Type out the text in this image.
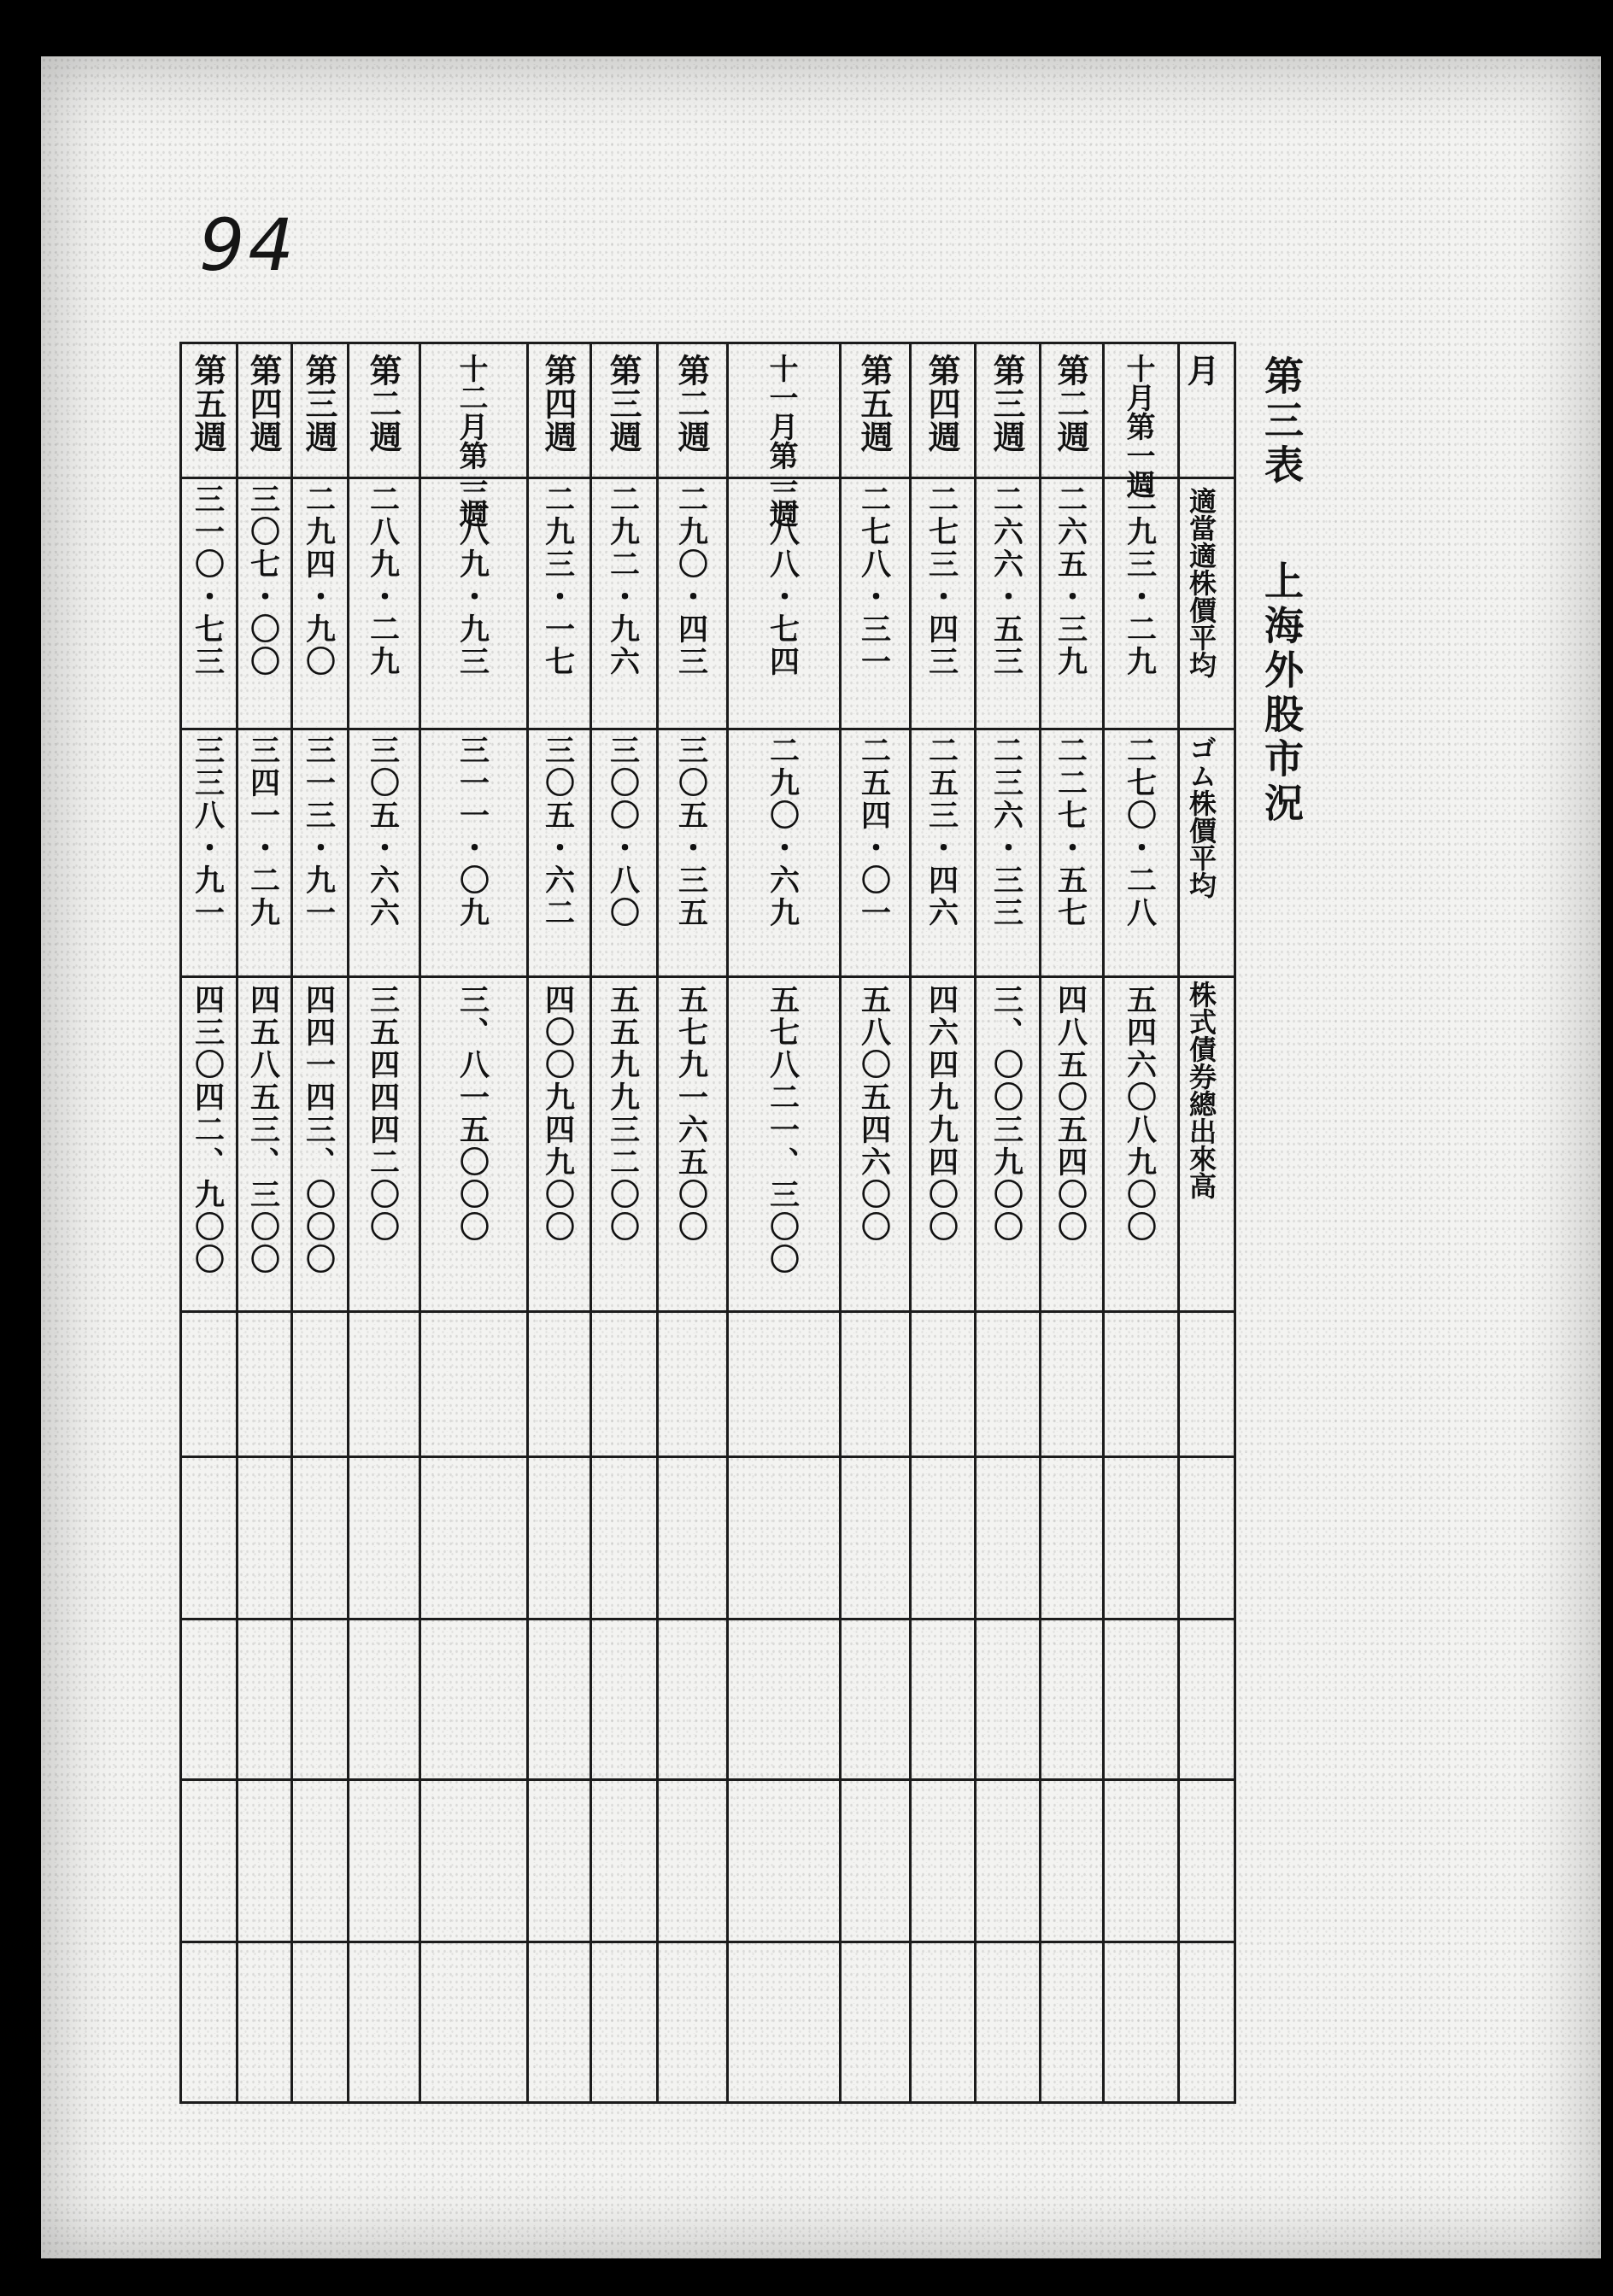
94
第三表上海外股市況
月
適當適株價平均
ゴム株價平均
株式債券總出來高
十月第一週
二九三・二九
二七〇・二八
五四六〇八九〇〇
第二週
二六五・三九
二二七・五七
四八五〇五四〇〇
第三週
二六六・五三
二三六・三三
三、〇〇三九〇〇
第四週
二七三・四三
二五三・四六
四六四九九四〇〇
第五週
二七八・三一
二五四・〇一
五八〇五四六〇〇
十一月第一週
二八八・七四
二九〇・六九
五七八二一、三〇〇
第二週
二九〇・四三
三〇五・三五
五七九一六五〇〇
第三週
二九二・九六
三〇〇・八〇
五五九九三二〇〇
第四週
二九三・一七
三〇五・六二
四〇〇九四九〇〇
十二月第一週
二八九・九三
三一一・〇九
三、八一五〇〇〇
第二週
二八九・二九
三〇五・六六
三五四四四二〇〇
第三週
二九四・九〇
三一三・九一
四四一四三、〇〇〇
第四週
三〇七・〇〇
三四一・二九
四五八五三、三〇〇
第五週
三一〇・七三
三三八・九一
四三〇四二、九〇〇
